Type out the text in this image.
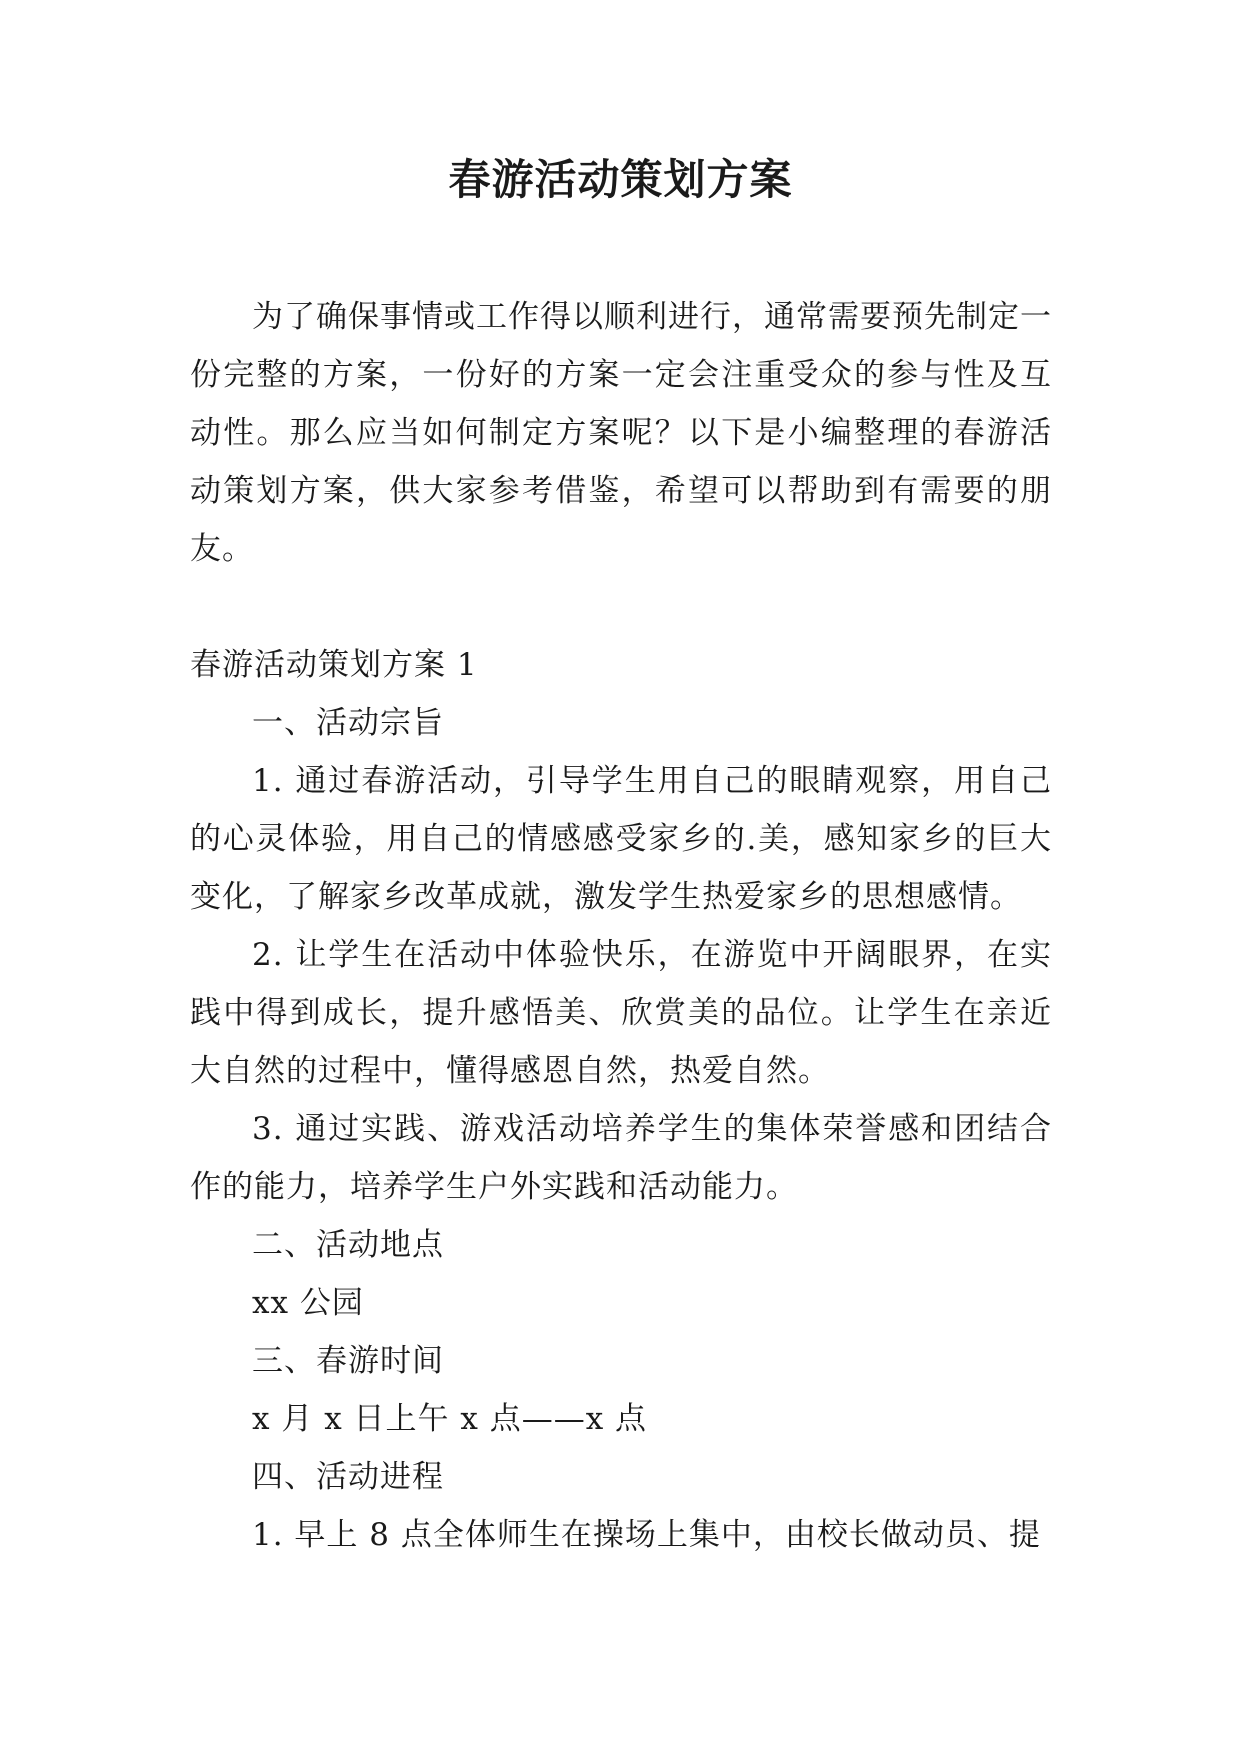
春游活动策划方案

为了确保事情或工作得以顺利进行，通常需要预先制定一份完整的方案，一份好的方案一定会注重受众的参与性及互动性。那么应当如何制定方案呢？以下是小编整理的春游活动策划方案，供大家参考借鉴，希望可以帮助到有需要的朋友。

春游活动策划方案 1

一、活动宗旨

1. 通过春游活动，引导学生用自己的眼睛观察，用自己的心灵体验，用自己的情感感受家乡的.美，感知家乡的巨大变化，了解家乡改革成就，激发学生热爱家乡的思想感情。

2. 让学生在活动中体验快乐，在游览中开阔眼界，在实践中得到成长，提升感悟美、欣赏美的品位。让学生在亲近大自然的过程中，懂得感恩自然，热爱自然。

3. 通过实践、游戏活动培养学生的集体荣誉感和团结合作的能力，培养学生户外实践和活动能力。

二、活动地点

xx 公园

三、春游时间

x 月 x 日上午 x 点——x 点

四、活动进程

1. 早上 8 点全体师生在操场上集中，由校长做动员、提
